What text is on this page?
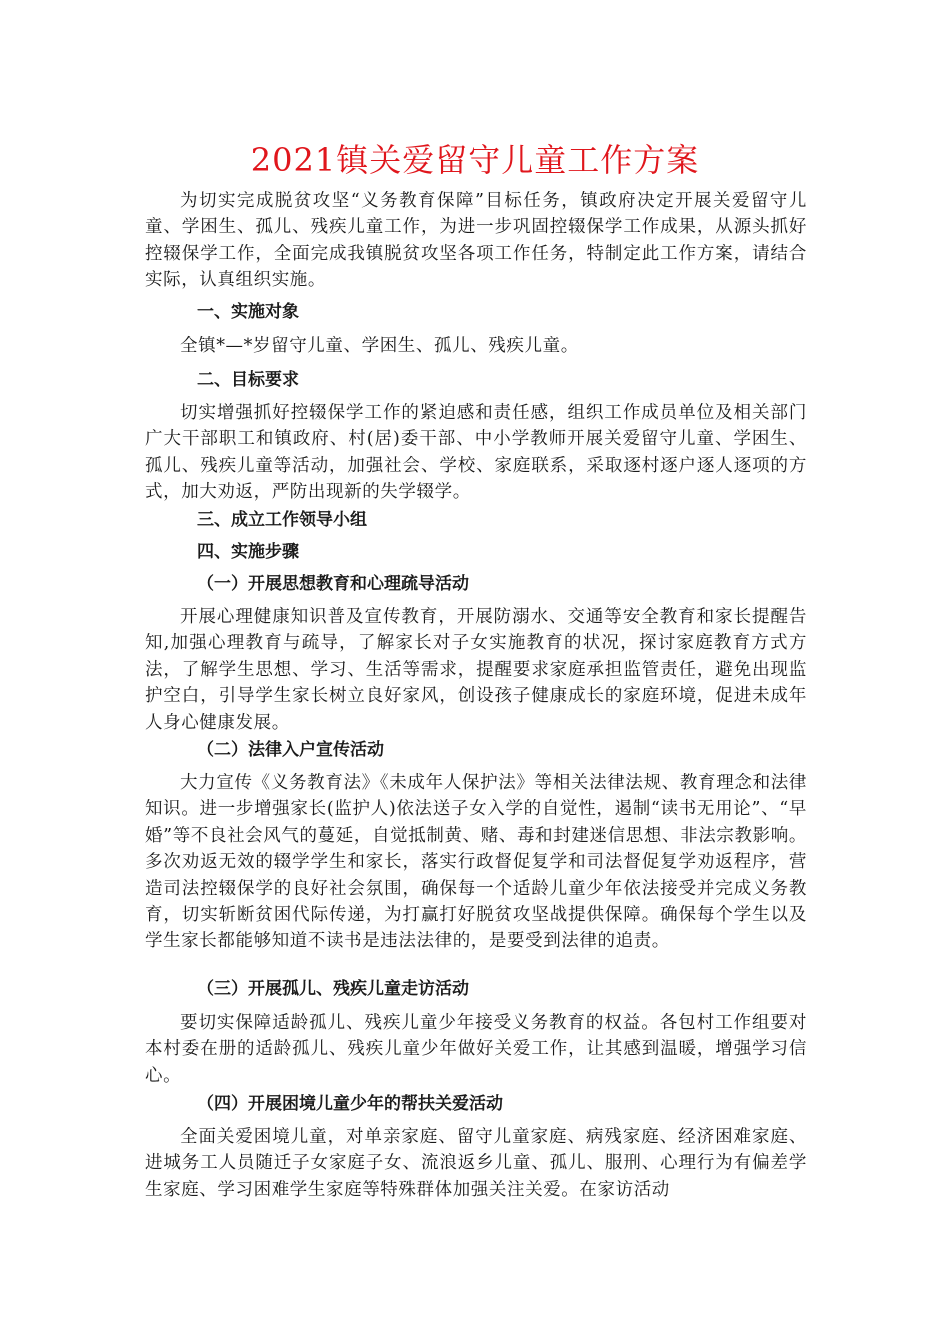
2021镇关爱留守儿童工作方案

为切实完成脱贫攻坚“义务教育保障”目标任务，镇政府决定开展关爱留守儿童、学困生、孤儿、残疾儿童工作，为进一步巩固控辍保学工作成果，从源头抓好控辍保学工作，全面完成我镇脱贫攻坚各项工作任务，特制定此工作方案，请结合实际，认真组织实施。

一、实施对象

全镇*—*岁留守儿童、学困生、孤儿、残疾儿童。

二、目标要求

切实增强抓好控辍保学工作的紧迫感和责任感，组织工作成员单位及相关部门广大干部职工和镇政府、村(居)委干部、中小学教师开展关爱留守儿童、学困生、孤儿、残疾儿童等活动，加强社会、学校、家庭联系，采取逐村逐户逐人逐项的方式，加大劝返，严防出现新的失学辍学。

三、成立工作领导小组
四、实施步骤
（一）开展思想教育和心理疏导活动

开展心理健康知识普及宣传教育，开展防溺水、交通等安全教育和家长提醒告知,加强心理教育与疏导，了解家长对子女实施教育的状况，探讨家庭教育方式方法，了解学生思想、学习、生活等需求，提醒要求家庭承担监管责任，避免出现监护空白，引导学生家长树立良好家风，创设孩子健康成长的家庭环境，促进未成年人身心健康发展。

（二）法律入户宣传活动

大力宣传《义务教育法》《未成年人保护法》等相关法律法规、教育理念和法律知识。进一步增强家长(监护人)依法送子女入学的自觉性，遏制“读书无用论”、“早婚”等不良社会风气的蔓延，自觉抵制黄、赌、毒和封建迷信思想、非法宗教影响。多次劝返无效的辍学学生和家长，落实行政督促复学和司法督促复学劝返程序，营造司法控辍保学的良好社会氛围，确保每一个适龄儿童少年依法接受并完成义务教育，切实斩断贫困代际传递，为打赢打好脱贫攻坚战提供保障。确保每个学生以及学生家长都能够知道不读书是违法法律的，是要受到法律的追责。

（三）开展孤儿、残疾儿童走访活动

要切实保障适龄孤儿、残疾儿童少年接受义务教育的权益。各包村工作组要对本村委在册的适龄孤儿、残疾儿童少年做好关爱工作，让其感到温暖，增强学习信心。

（四）开展困境儿童少年的帮扶关爱活动

全面关爱困境儿童，对单亲家庭、留守儿童家庭、病残家庭、经济困难家庭、进城务工人员随迁子女家庭子女、流浪返乡儿童、孤儿、服刑、心理行为有偏差学生家庭、学习困难学生家庭等特殊群体加强关注关爱。在家访活动
